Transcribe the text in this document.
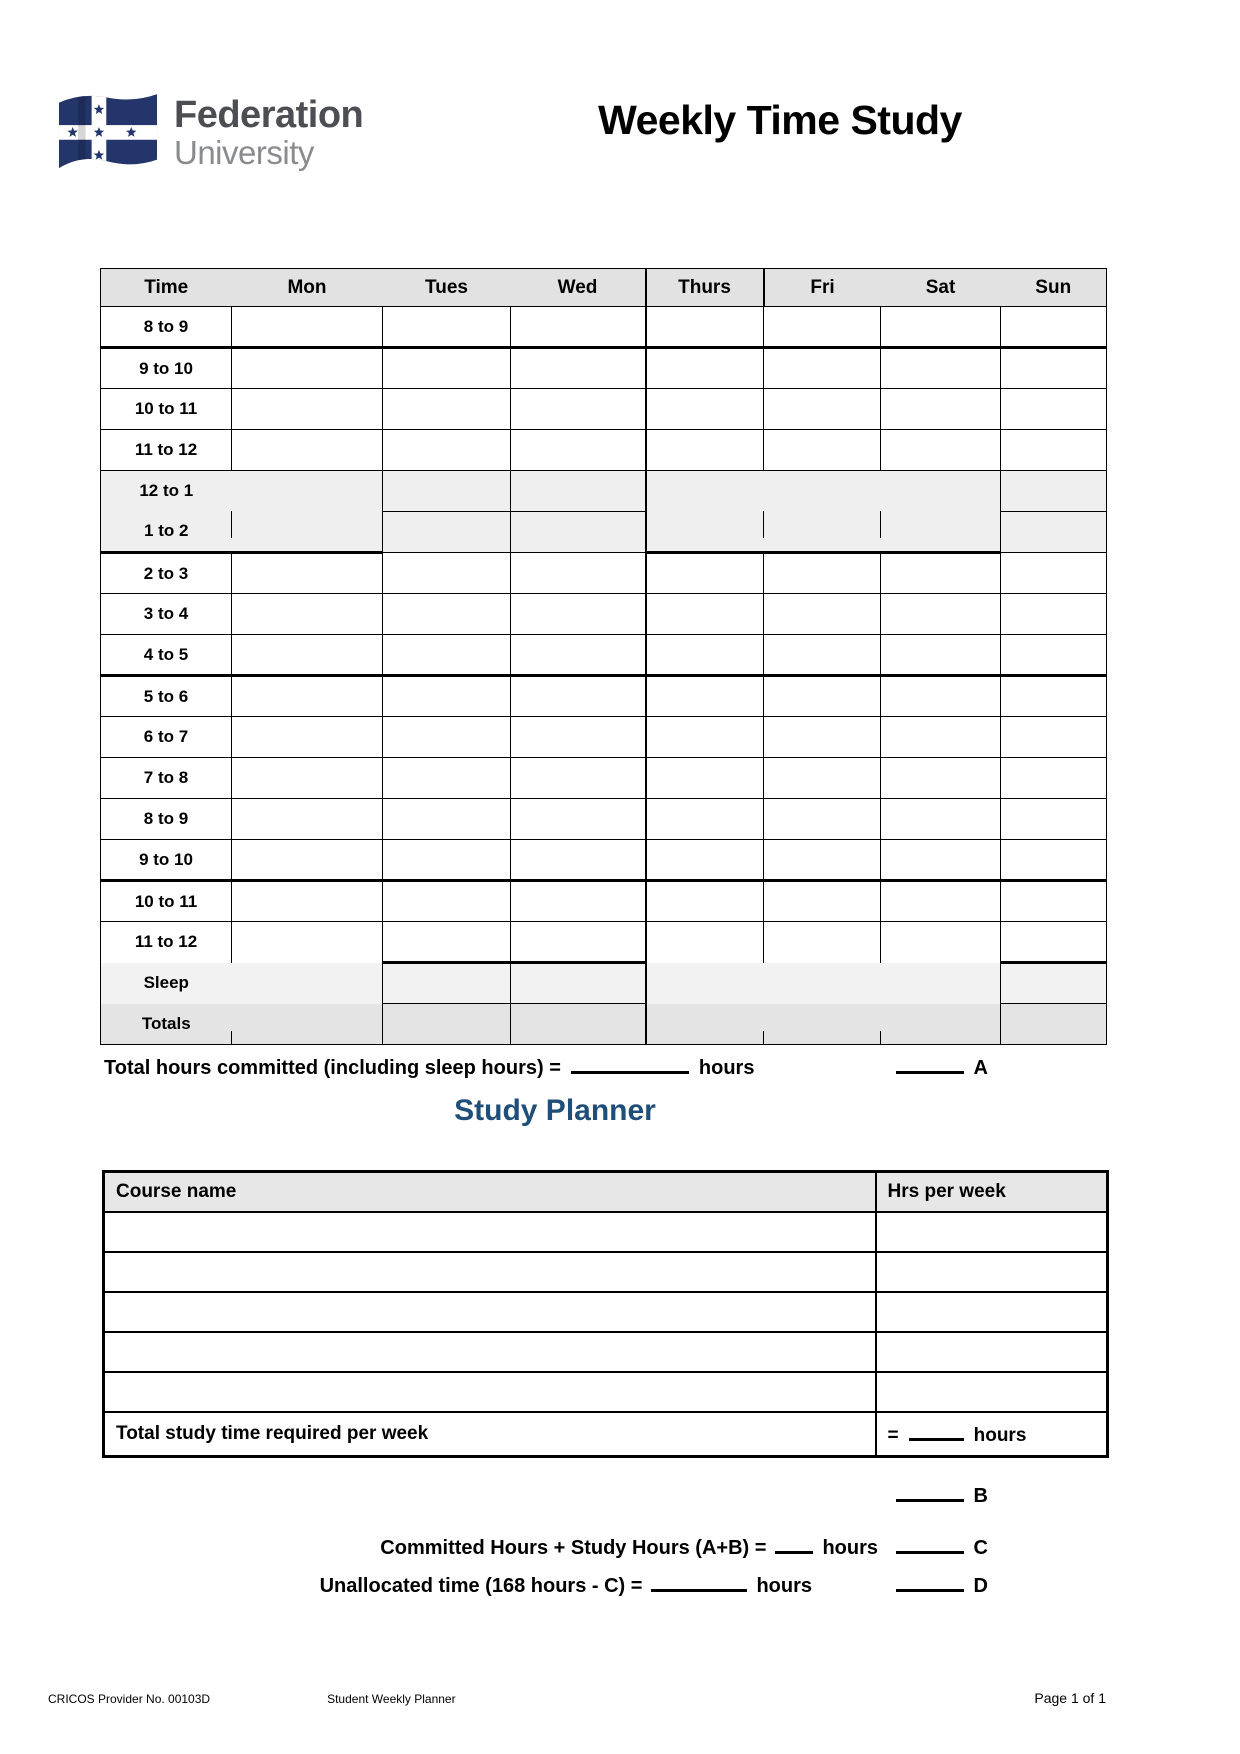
Federation
University
Weekly Time Study
Time	Mon	Tues	Wed	Thurs	Fri	Sat	Sun
8 to 9							
9 to 10							
10 to 11							
11 to 12							
12 to 1							
1 to 2							
2 to 3							
3 to 4							
4 to 5							
5 to 6							
6 to 7							
7 to 8							
8 to 9							
9 to 10							
10 to 11							
11 to 12							
Sleep							
Totals							
Total hours committed (including sleep hours) =	hours	A
Study Planner
Course name	Hrs per week

Total study time required per week	= hours
B
Committed Hours + Study Hours (A+B) =	hours	C
Unallocated time (168 hours - C) =	hours	D
CRICOS Provider No. 00103D	Student Weekly Planner	Page 1 of 1
